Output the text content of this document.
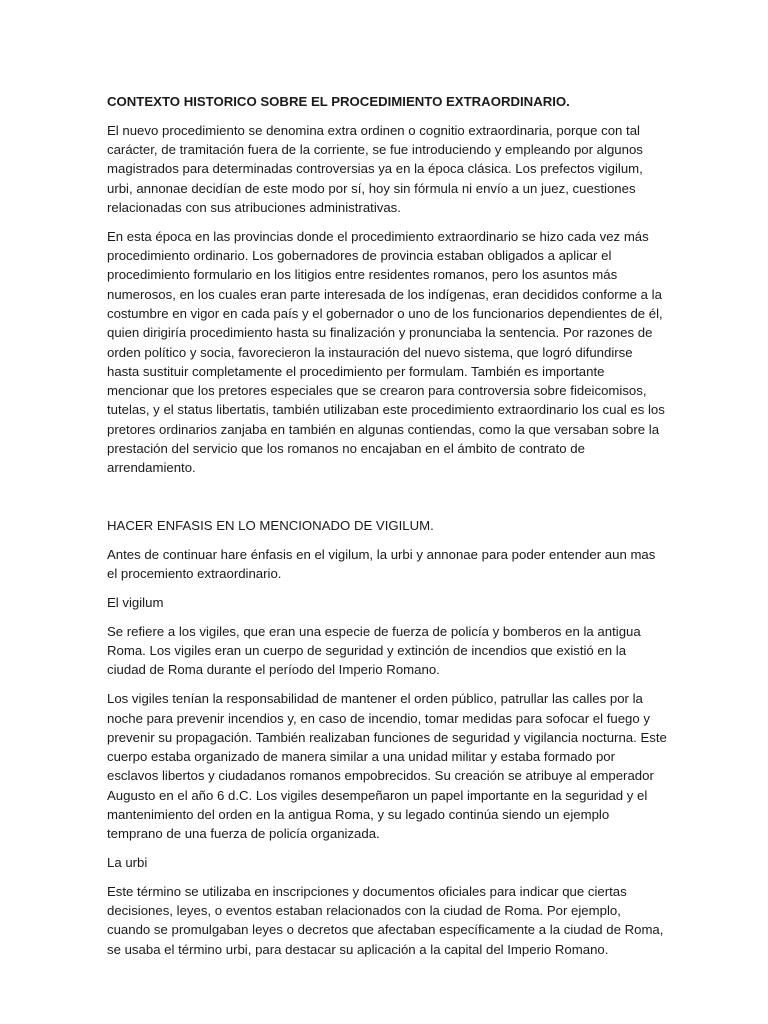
CONTEXTO HISTORICO SOBRE EL PROCEDIMIENTO EXTRAORDINARIO.

El nuevo procedimiento se denomina extra ordinen o cognitio extraordinaria, porque con tal carácter, de tramitación fuera de la corriente, se fue introduciendo y empleando por algunos magistrados para determinadas controversias ya en la época clásica. Los prefectos vigilum, urbi, annonae decidían de este modo por sí, hoy sin fórmula ni envío a un juez, cuestiones relacionadas con sus atribuciones administrativas.

En esta época en las provincias donde el procedimiento extraordinario se hizo cada vez más procedimiento ordinario. Los gobernadores de provincia estaban obligados a aplicar el procedimiento formulario en los litigios entre residentes romanos, pero los asuntos más numerosos, en los cuales eran parte interesada de los indígenas, eran decididos conforme a la costumbre en vigor en cada país y el gobernador o uno de los funcionarios dependientes de él, quien dirigiría procedimiento hasta su finalización y pronunciaba la sentencia. Por razones de orden político y socia, favorecieron la instauración del nuevo sistema, que logró difundirse hasta sustituir completamente el procedimiento per formulam. También es importante mencionar que los pretores especiales que se crearon para controversia sobre fideicomisos, tutelas, y el status libertatis, también utilizaban este procedimiento extraordinario los cual es los pretores ordinarios zanjaba en también en algunas contiendas, como la que versaban sobre la prestación del servicio que los romanos no encajaban en el ámbito de contrato de arrendamiento.

HACER ENFASIS EN LO MENCIONADO DE VIGILUM.

Antes de continuar hare énfasis en el vigilum, la urbi y annonae para poder entender aun mas el procemiento extraordinario.

El vigilum

Se refiere a los vigiles, que eran una especie de fuerza de policía y bomberos en la antigua Roma. Los vigiles eran un cuerpo de seguridad y extinción de incendios que existió en la ciudad de Roma durante el período del Imperio Romano.

Los vigiles tenían la responsabilidad de mantener el orden público, patrullar las calles por la noche para prevenir incendios y, en caso de incendio, tomar medidas para sofocar el fuego y prevenir su propagación. También realizaban funciones de seguridad y vigilancia nocturna. Este cuerpo estaba organizado de manera similar a una unidad militar y estaba formado por esclavos libertos y ciudadanos romanos empobrecidos. Su creación se atribuye al emperador Augusto en el año 6 d.C. Los vigiles desempeñaron un papel importante en la seguridad y el mantenimiento del orden en la antigua Roma, y su legado continúa siendo un ejemplo temprano de una fuerza de policía organizada.

La urbi

Este término se utilizaba en inscripciones y documentos oficiales para indicar que ciertas decisiones, leyes, o eventos estaban relacionados con la ciudad de Roma. Por ejemplo, cuando se promulgaban leyes o decretos que afectaban específicamente a la ciudad de Roma, se usaba el término urbi, para destacar su aplicación a la capital del Imperio Romano.
